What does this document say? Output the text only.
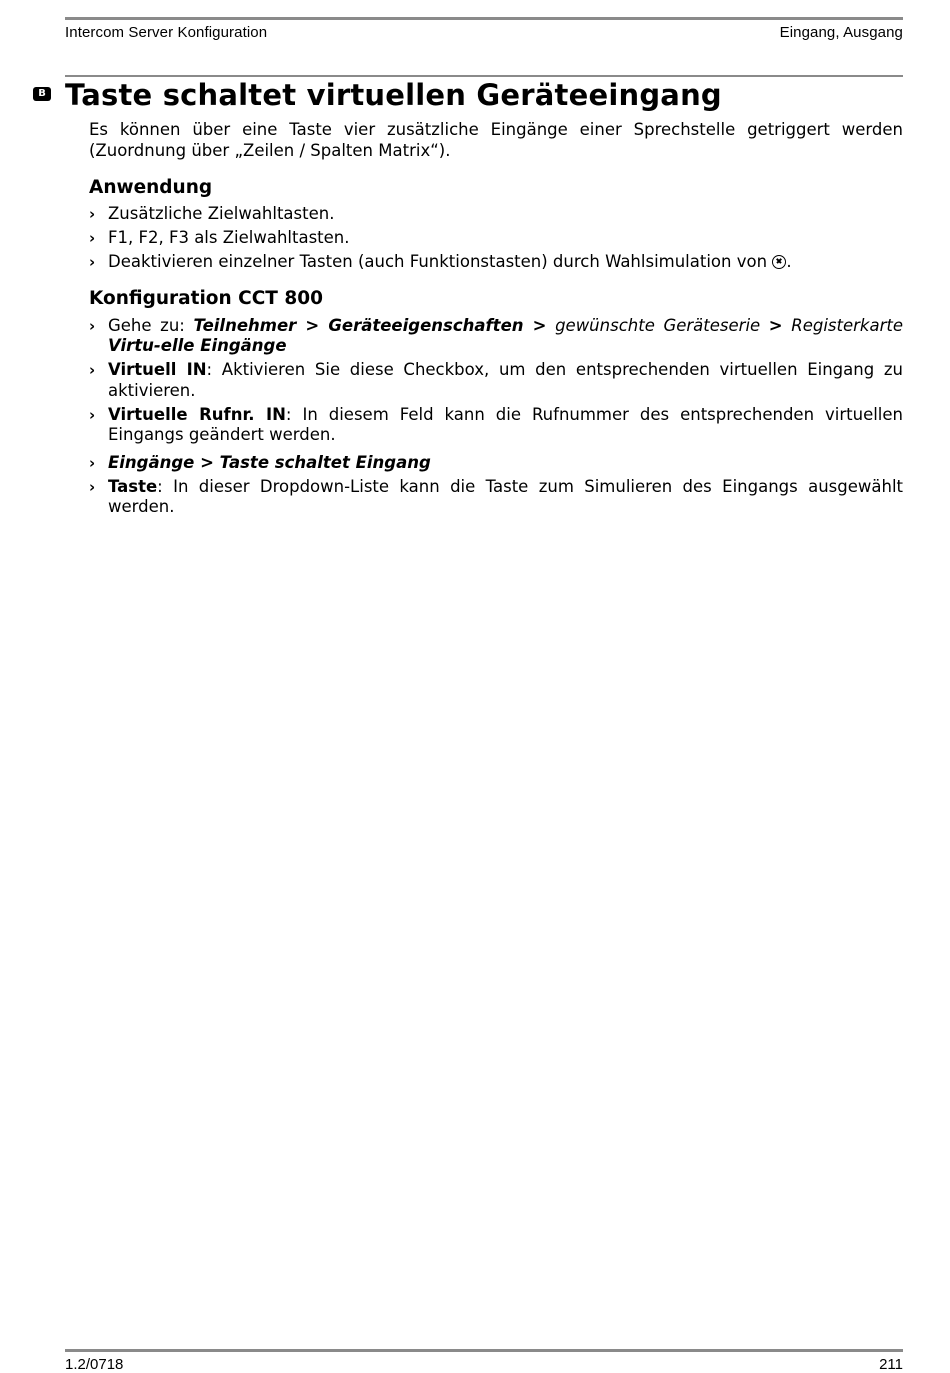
Intercom Server Konfiguration	Eingang, Ausgang
B Taste schaltet virtuellen Geräteeingang

Es können über eine Taste vier zusätzliche Eingänge einer Sprechstelle getriggert werden (Zuordnung über „Zeilen / Spalten Matrix“).

Anwendung
› Zusätzliche Zielwahltasten.
› F1, F2, F3 als Zielwahltasten.
› Deaktivieren einzelner Tasten (auch Funktionstasten) durch Wahlsimulation von .
Konfiguration CCT 800
› Gehe zu: Teilnehmer > Geräteeigenschaften > gewünschte Geräteserie > Registerkarte Virtu-elle Eingänge
› Virtuell IN: Aktivieren Sie diese Checkbox, um den entsprechenden virtuellen Eingang zu aktivieren.
› Virtuelle Rufnr. IN: In diesem Feld kann die Rufnummer des entsprechenden virtuellen Eingangs geändert werden.
› Eingänge > Taste schaltet Eingang
› Taste: In dieser Dropdown-Liste kann die Taste zum Simulieren des Eingangs ausgewählt werden.
1.2/0718	211
